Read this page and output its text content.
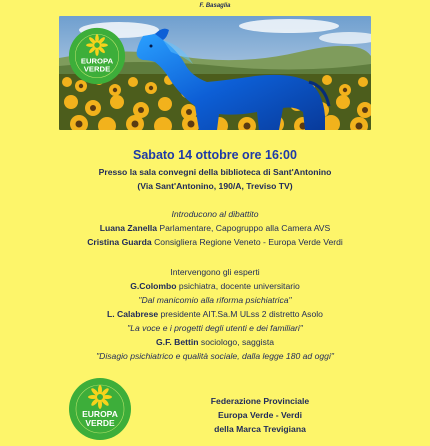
F. Basaglia
EUROPA
VERDE
Sabato 14 ottobre ore 16:00
Presso la sala convegni della biblioteca di Sant'Antonino
(Via Sant'Antonino, 190/A, Treviso TV)
Introducono al dibattito
Luana Zanella Parlamentare, Capogruppo alla Camera AVS
Cristina Guarda Consigliera Regione Veneto - Europa Verde Verdi
Intervengono gli esperti
G.Colombo psichiatra, docente universitario
"Dal manicomio alla riforma psichiatrica"
L. Calabrese presidente AIT.Sa.M ULss 2 distretto Asolo
"La voce e i progetti degli utenti e dei familiari"
G.F. Bettin sociologo, saggista
"Disagio psichiatrico e qualità sociale, dalla legge 180 ad oggi"
EUROPA
VERDE
Federazione Provinciale
Europa Verde - Verdi
della Marca Trevigiana
